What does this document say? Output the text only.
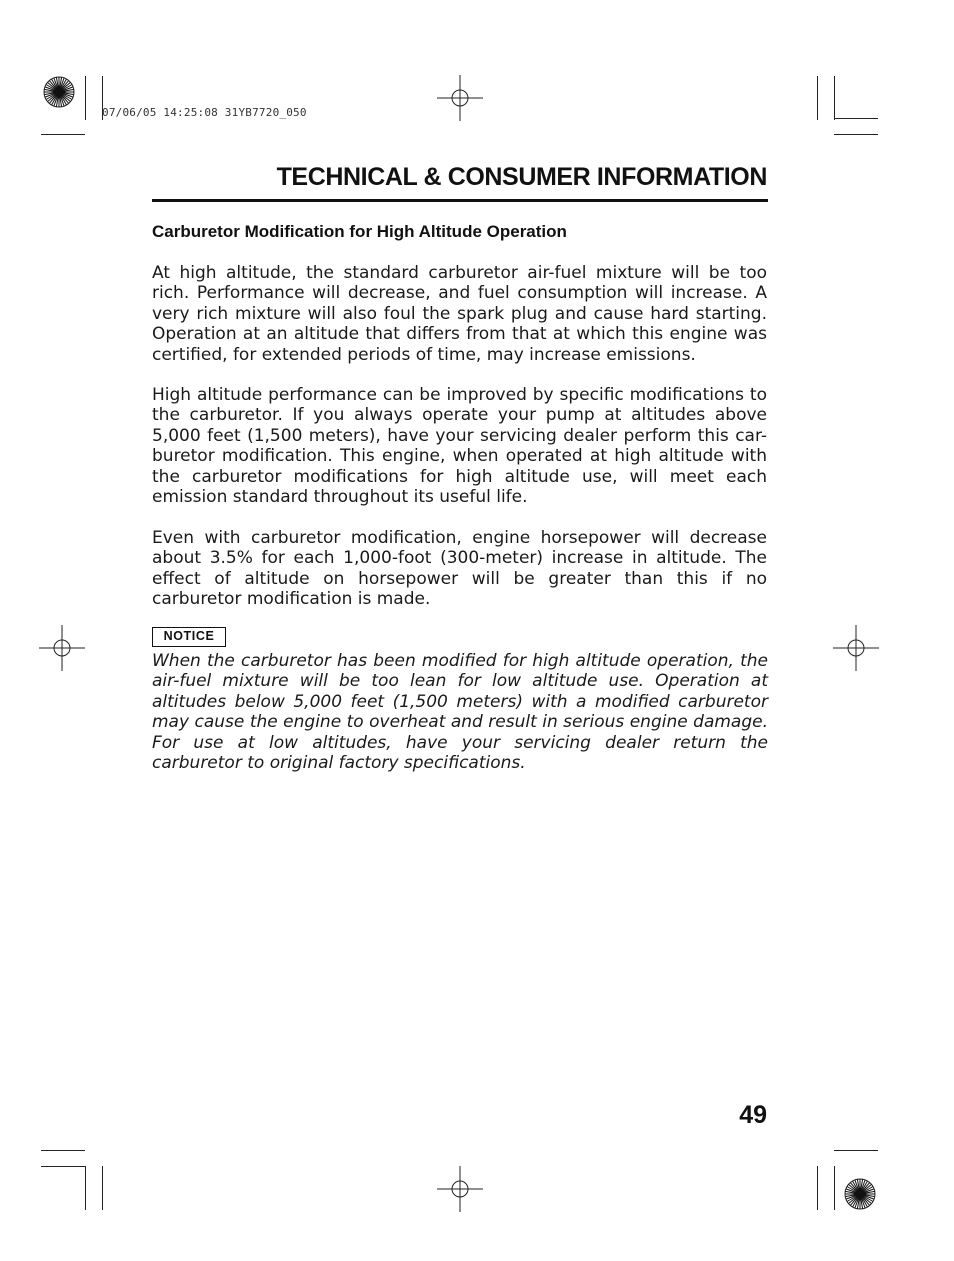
07/06/05 14:25:08 31YB7720_050
TECHNICAL & CONSUMER INFORMATION
Carburetor Modification for High Altitude Operation

At high altitude, the standard carburetor air-fuel mixture will be too rich. Performance will decrease, and fuel consumption will increase. A very rich mixture will also foul the spark plug and cause hard starting. Operation at an altitude that differs from that at which this engine was certified, for extended periods of time, may increase emissions.

High altitude performance can be improved by specific modifications to the carburetor. If you always operate your pump at altitudes above 5,000 feet (1,500 meters), have your servicing dealer perform this car-buretor modification. This engine, when operated at high altitude with the carburetor modifications for high altitude use, will meet each emission standard throughout its useful life.

Even with carburetor modification, engine horsepower will decrease about 3.5% for each 1,000-foot (300-meter) increase in altitude. The effect of altitude on horsepower will be greater than this if no carburetor modification is made.

NOTICE

When the carburetor has been modified for high altitude operation, the air-fuel mixture will be too lean for low altitude use. Operation at altitudes below 5,000 feet (1,500 meters) with a modified carburetor may cause the engine to overheat and result in serious engine damage. For use at low altitudes, have your servicing dealer return the carburetor to original factory specifications.

49
